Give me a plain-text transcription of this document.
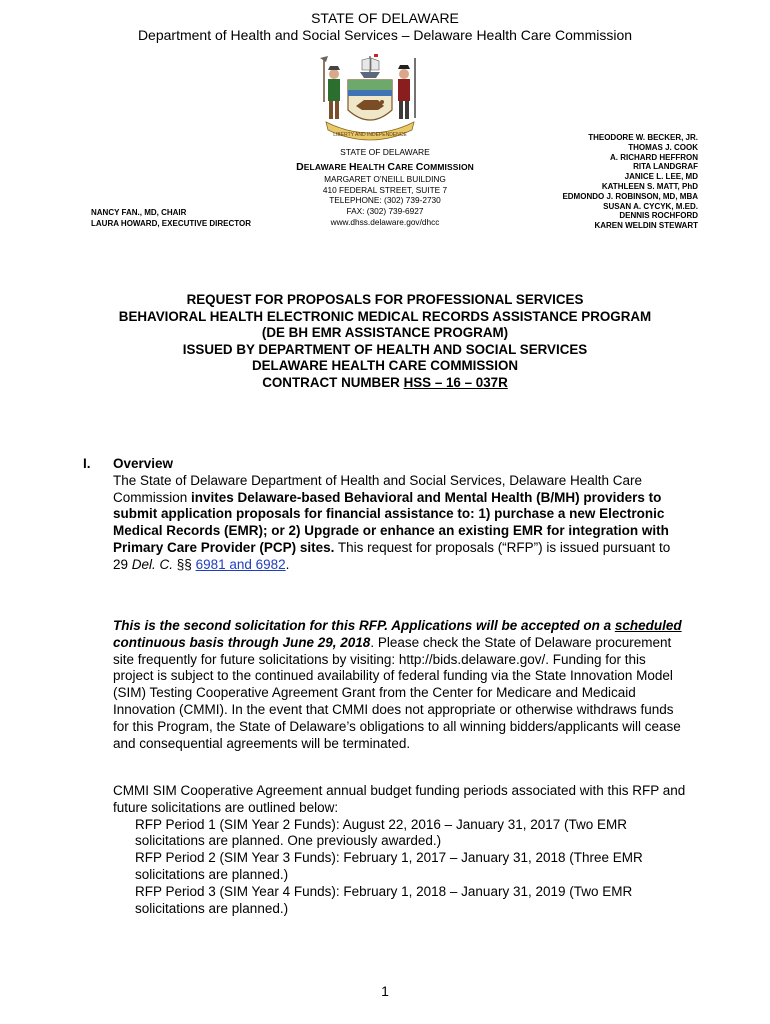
STATE OF DELAWARE
Department of Health and Social Services – Delaware Health Care Commission
LIBERTY AND INDEPENDENCE
STATE OF DELAWARE
DELAWARE HEALTH CARE COMMISSION
MARGARET O’NEILL BUILDING
410 FEDERAL STREET, SUITE 7
TELEPHONE: (302) 739-2730
FAX: (302) 739-6927
www.dhss.delaware.gov/dhcc
NANCY FAN., MD, CHAIR
LAURA HOWARD, EXECUTIVE DIRECTOR
THEODORE W. BECKER, JR.
THOMAS J. COOK
A. RICHARD HEFFRON
RITA LANDGRAF
JANICE L. LEE, MD
KATHLEEN S. MATT, PhD
EDMONDO J. ROBINSON, MD, MBA
SUSAN A. CYCYK, M.ED.
DENNIS ROCHFORD
KAREN WELDIN STEWART
REQUEST FOR PROPOSALS FOR PROFESSIONAL SERVICES
BEHAVIORAL HEALTH ELECTRONIC MEDICAL RECORDS ASSISTANCE PROGRAM
(DE BH EMR ASSISTANCE PROGRAM)
ISSUED BY DEPARTMENT OF HEALTH AND SOCIAL SERVICES
DELAWARE HEALTH CARE COMMISSION
CONTRACT NUMBER HSS – 16 – 037R
I. Overview

The State of Delaware Department of Health and Social Services, Delaware Health Care Commission invites Delaware-based Behavioral and Mental Health (B/MH) providers to submit application proposals for financial assistance to: 1) purchase a new Electronic Medical Records (EMR); or 2) Upgrade or enhance an existing EMR for integration with Primary Care Provider (PCP) sites. This request for proposals (“RFP”) is issued pursuant to 29 Del. C. §§ 6981 and 6982.

This is the second solicitation for this RFP. Applications will be accepted on a scheduled continuous basis through June 29, 2018. Please check the State of Delaware procurement site frequently for future solicitations by visiting: http://bids.delaware.gov/. Funding for this project is subject to the continued availability of federal funding via the State Innovation Model (SIM) Testing Cooperative Agreement Grant from the Center for Medicare and Medicaid Innovation (CMMI). In the event that CMMI does not appropriate or otherwise withdraws funds for this Program, the State of Delaware’s obligations to all winning bidders/applicants will cease and consequential agreements will be terminated.

CMMI SIM Cooperative Agreement annual budget funding periods associated with this RFP and future solicitations are outlined below:

RFP Period 1 (SIM Year 2 Funds): August 22, 2016 – January 31, 2017 (Two EMR solicitations are planned. One previously awarded.)

RFP Period 2 (SIM Year 3 Funds): February 1, 2017 – January 31, 2018 (Three EMR solicitations are planned.)

RFP Period 3 (SIM Year 4 Funds): February 1, 2018 – January 31, 2019 (Two EMR solicitations are planned.)

1
